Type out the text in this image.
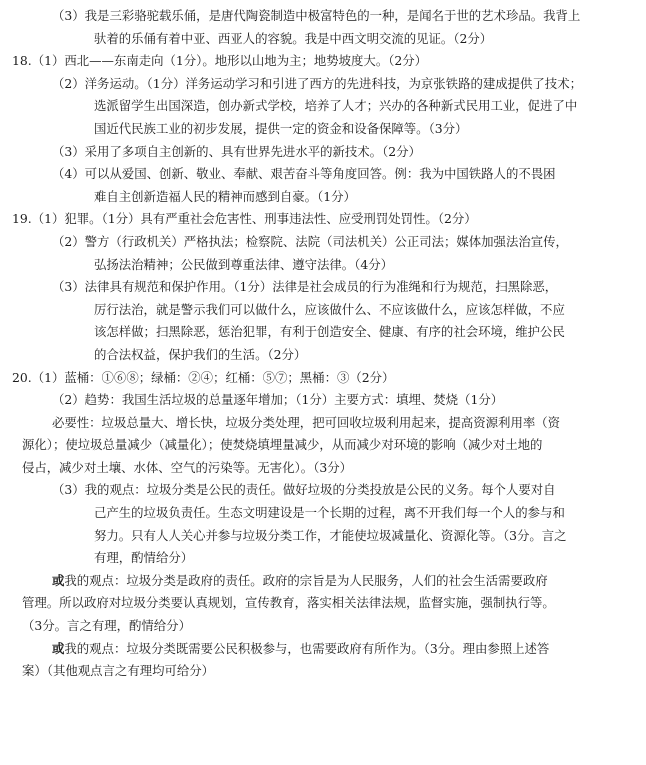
（3）我是三彩骆驼载乐俑，是唐代陶瓷制造中极富特色的一种，是闻名于世的艺术珍品。我背上
驮着的乐俑有着中亚、西亚人的容貌。我是中西文明交流的见证。（2分）
18.（1）西北——东南走向（1分）。地形以山地为主；地势坡度大。（2分）
（2）洋务运动。（1分）洋务运动学习和引进了西方的先进科技，为京张铁路的建成提供了技术；
选派留学生出国深造，创办新式学校，培养了人才；兴办的各种新式民用工业，促进了中
国近代民族工业的初步发展，提供一定的资金和设备保障等。（3分）
（3）采用了多项自主创新的、具有世界先进水平的新技术。（2分）
（4）可以从爱国、创新、敬业、奉献、艰苦奋斗等角度回答。例：我为中国铁路人的不畏困
难自主创新造福人民的精神而感到自豪。（1分）
19.（1）犯罪。（1分）具有严重社会危害性、刑事违法性、应受刑罚处罚性。（2分）
（2）警方（行政机关）严格执法；检察院、法院（司法机关）公正司法；媒体加强法治宣传，
弘扬法治精神；公民做到尊重法律、遵守法律。（4分）
（3）法律具有规范和保护作用。（1分）法律是社会成员的行为准绳和行为规范，扫黑除恶，
厉行法治，就是警示我们可以做什么，应该做什么、不应该做什么，应该怎样做，不应
该怎样做；扫黑除恶，惩治犯罪，有利于创造安全、健康、有序的社会环境，维护公民
的合法权益，保护我们的生活。（2分）
20.（1）蓝桶：①⑥⑧；绿桶：②④；红桶：⑤⑦；黑桶：③（2分）
（2）趋势：我国生活垃圾的总量逐年增加；（1分）主要方式：填埋、焚烧（1分）
必要性：垃圾总量大、增长快，垃圾分类处理，把可回收垃圾利用起来，提高资源利用率（资
源化）；使垃圾总量减少（减量化）；使焚烧填埋量减少，从而减少对环境的影响（减少对土地的
侵占，减少对土壤、水体、空气的污染等。无害化）。（3分）
（3）我的观点：垃圾分类是公民的责任。做好垃圾的分类投放是公民的义务。每个人要对自
己产生的垃圾负责任。生态文明建设是一个长期的过程，离不开我们每一个人的参与和
努力。只有人人关心并参与垃圾分类工作，才能使垃圾减量化、资源化等。（3分。言之
有理，酌情给分）
或我的观点：垃圾分类是政府的责任。政府的宗旨是为人民服务，人们的社会生活需要政府
管理。所以政府对垃圾分类要认真规划，宣传教育，落实相关法律法规，监督实施，强制执行等。
（3分。言之有理，酌情给分）
或我的观点：垃圾分类既需要公民积极参与，也需要政府有所作为。（3分。理由参照上述答
案）（其他观点言之有理均可给分）
